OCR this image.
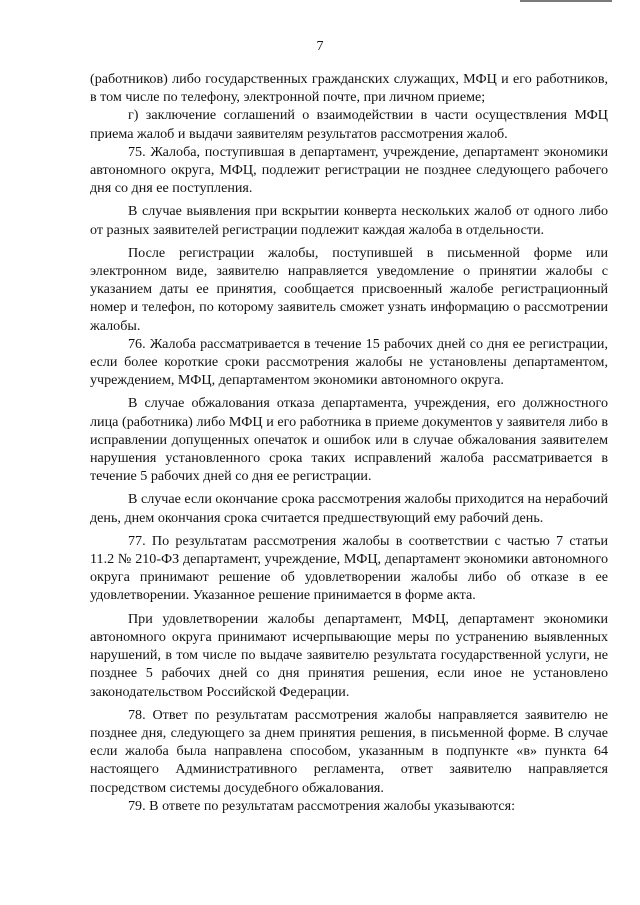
7

(работников) либо государственных гражданских служащих, МФЦ и его работников, в том числе по телефону, электронной почте, при личном приеме;

г) заключение соглашений о взаимодействии в части осуществления МФЦ приема жалоб и выдачи заявителям результатов рассмотрения жалоб.

75. Жалоба, поступившая в департамент, учреждение, департамент экономики автономного округа, МФЦ, подлежит регистрации не позднее следующего рабочего дня со дня ее поступления.

В случае выявления при вскрытии конверта нескольких жалоб от одного либо от разных заявителей регистрации подлежит каждая жалоба в отдельности.

После регистрации жалобы, поступившей в письменной форме или электронном виде, заявителю направляется уведомление о принятии жалобы с указанием даты ее принятия, сообщается присвоенный жалобе регистрационный номер и телефон, по которому заявитель сможет узнать информацию о рассмотрении жалобы.

76. Жалоба рассматривается в течение 15 рабочих дней со дня ее регистрации, если более короткие сроки рассмотрения жалобы не установлены департаментом, учреждением, МФЦ, департаментом экономики автономного округа.

В случае обжалования отказа департамента, учреждения, его должностного лица (работника) либо МФЦ и его работника в приеме документов у заявителя либо в исправлении допущенных опечаток и ошибок или в случае обжалования заявителем нарушения установленного срока таких исправлений жалоба рассматривается в течение 5 рабочих дней со дня ее регистрации.

В случае если окончание срока рассмотрения жалобы приходится на нерабочий день, днем окончания срока считается предшествующий ему рабочий день.

77. По результатам рассмотрения жалобы в соответствии с частью 7 статьи 11.2 № 210-ФЗ департамент, учреждение, МФЦ, департамент экономики автономного округа принимают решение об удовлетворении жалобы либо об отказе в ее удовлетворении. Указанное решение принимается в форме акта.

При удовлетворении жалобы департамент, МФЦ, департамент экономики автономного округа принимают исчерпывающие меры по устранению выявленных нарушений, в том числе по выдаче заявителю результата государственной услуги, не позднее 5 рабочих дней со дня принятия решения, если иное не установлено законодательством Российской Федерации.

78. Ответ по результатам рассмотрения жалобы направляется заявителю не позднее дня, следующего за днем принятия решения, в письменной форме. В случае если жалоба была направлена способом, указанным в подпункте «в» пункта 64 настоящего Административного регламента, ответ заявителю направляется посредством системы досудебного обжалования.

79. В ответе по результатам рассмотрения жалобы указываются:
